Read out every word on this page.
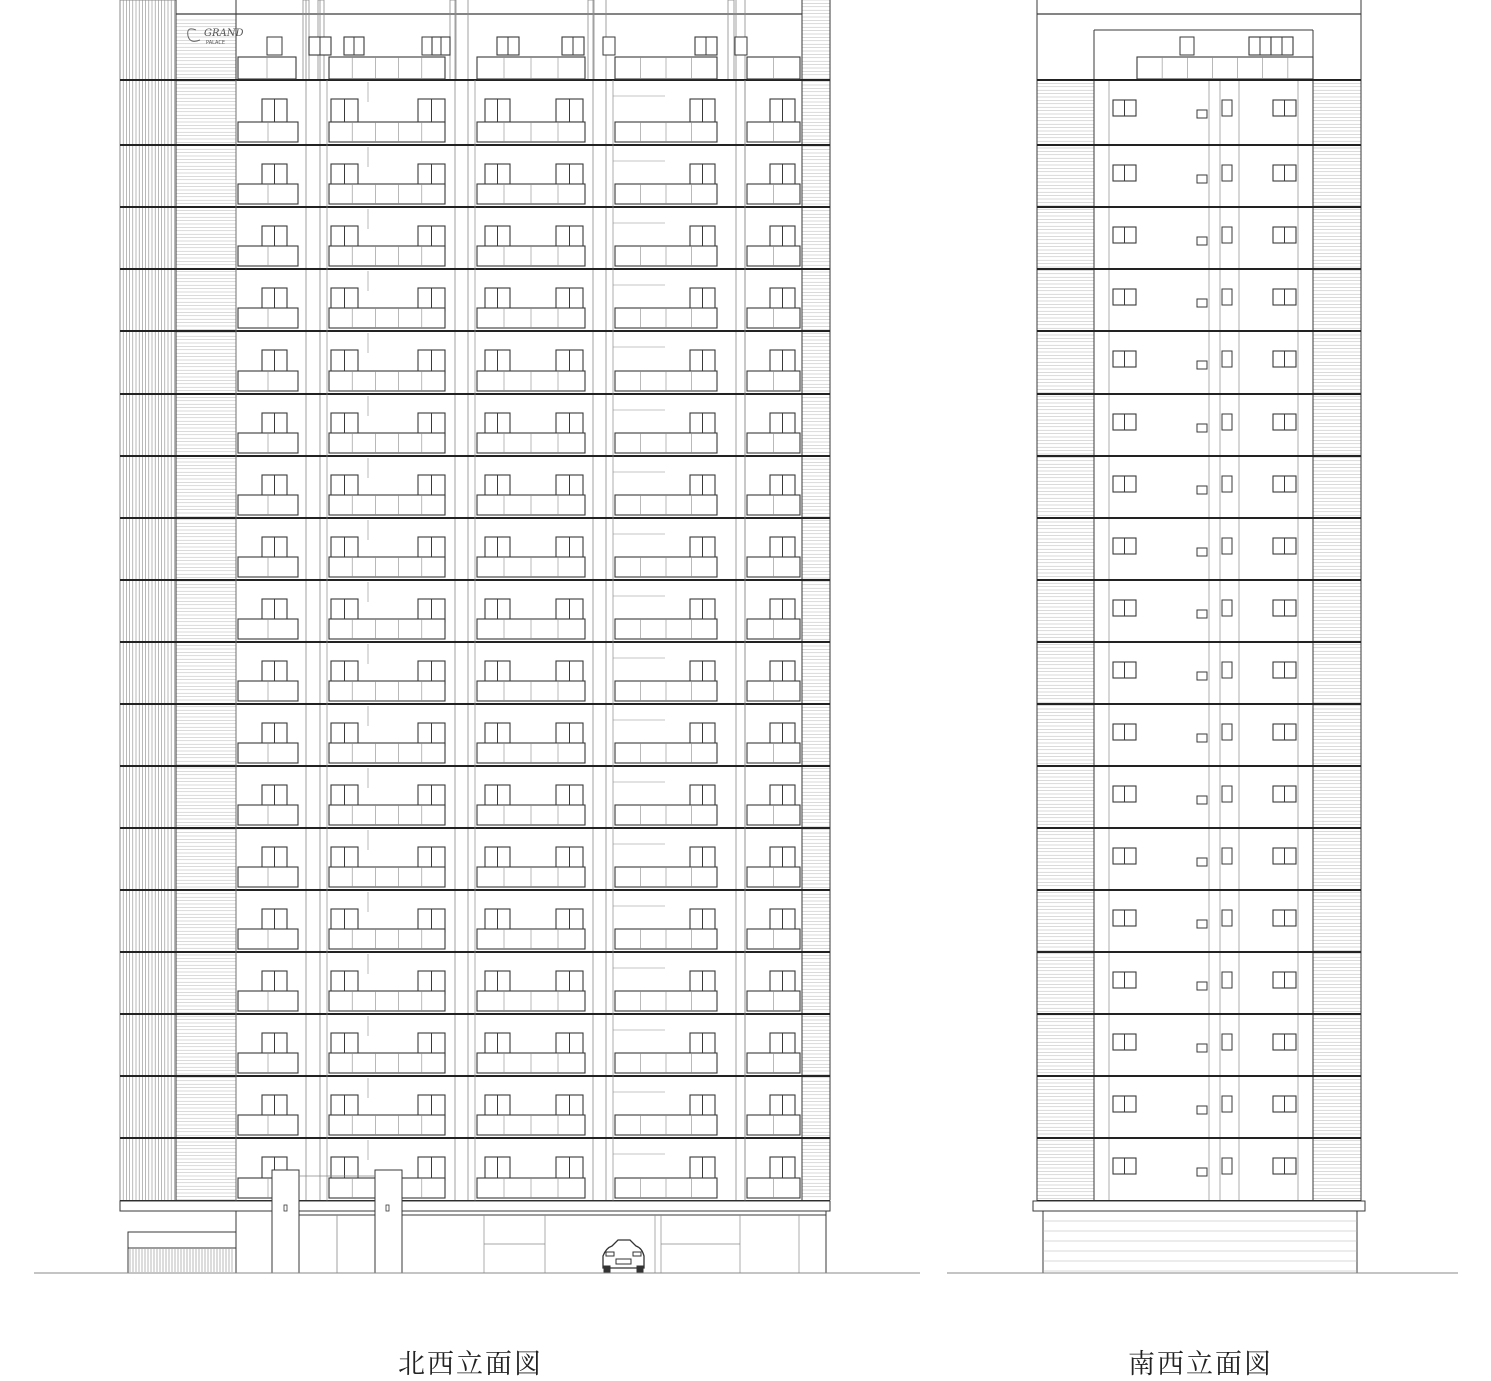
GRAND
PALACE
北西立面図	南西立面図
